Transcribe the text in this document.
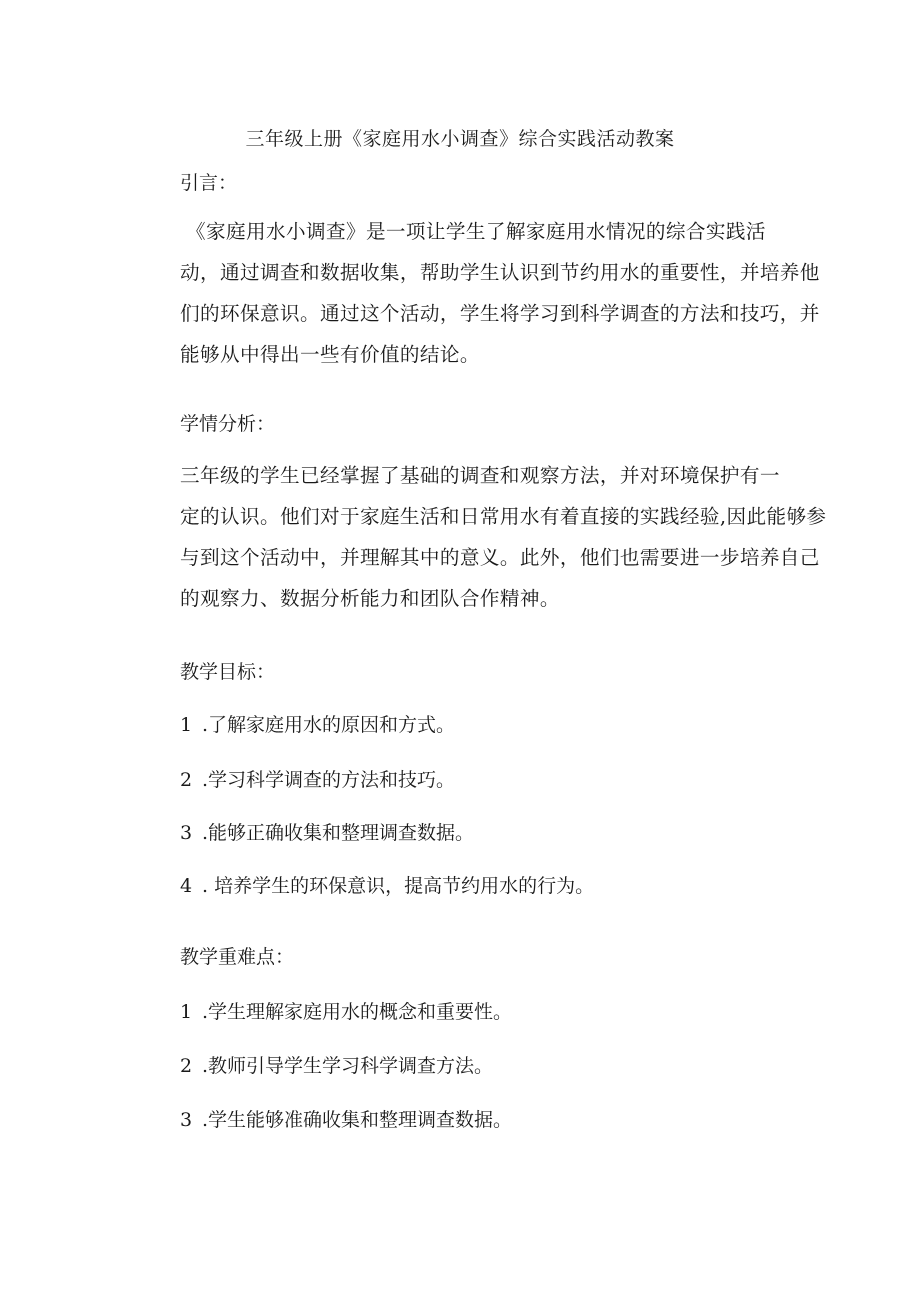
三年级上册《家庭用水小调查》综合实践活动教案
引言：
《家庭用水小调查》是一项让学生了解家庭用水情况的综合实践活
动，通过调查和数据收集，帮助学生认识到节约用水的重要性，并培养他
们的环保意识。通过这个活动，学生将学习到科学调查的方法和技巧，并
能够从中得出一些有价值的结论。
学情分析：
三年级的学生已经掌握了基础的调查和观察方法，并对环境保护有一
定的认识。他们对于家庭生活和日常用水有着直接的实践经验,因此能够参
与到这个活动中，并理解其中的意义。此外，他们也需要进一步培养自己
的观察力、数据分析能力和团队合作精神。
教学目标：
1 .了解家庭用水的原因和方式。
2 .学习科学调查的方法和技巧。
3 .能够正确收集和整理调查数据。
4 . 培养学生的环保意识，提高节约用水的行为。
教学重难点：
1 .学生理解家庭用水的概念和重要性。
2 .教师引导学生学习科学调查方法。
3 .学生能够准确收集和整理调查数据。
